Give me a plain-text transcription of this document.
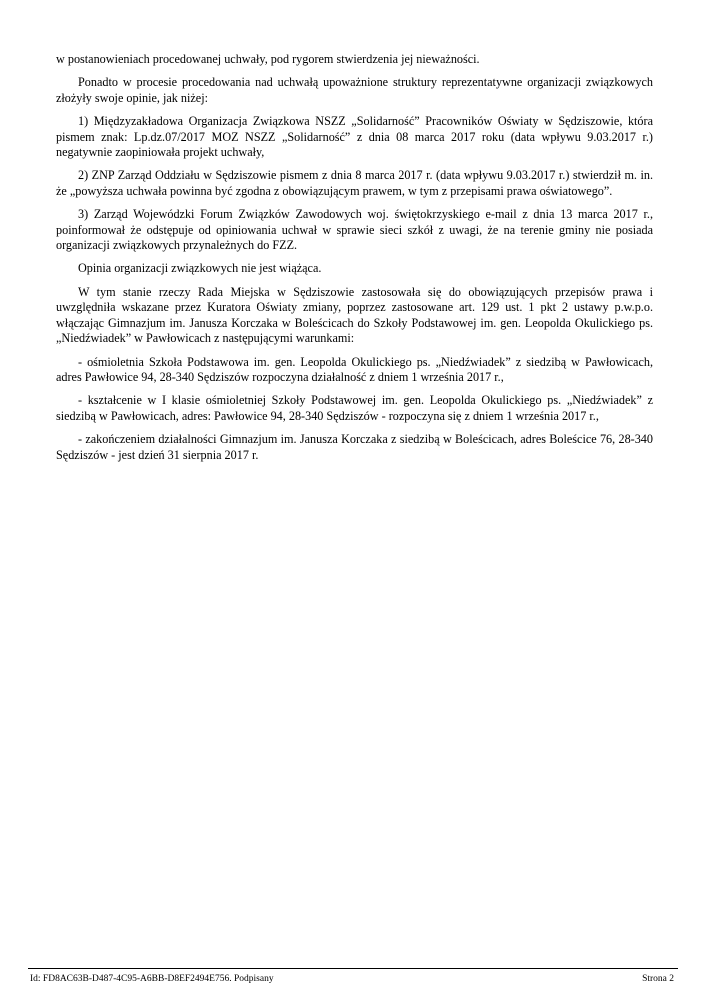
w postanowieniach procedowanej uchwały, pod rygorem stwierdzenia jej nieważności.

Ponadto w procesie procedowania nad uchwałą upoważnione struktury reprezentatywne organizacji związkowych złożyły swoje opinie, jak niżej:

1) Międzyzakładowa Organizacja Związkowa NSZZ „Solidarność” Pracowników Oświaty w Sędziszowie, która pismem znak: Lp.dz.07/2017 MOZ NSZZ „Solidarność” z dnia 08 marca 2017 roku (data wpływu 9.03.2017 r.) negatywnie zaopiniowała projekt uchwały,

2) ZNP Zarząd Oddziału w Sędziszowie pismem z dnia 8 marca 2017 r. (data wpływu 9.03.2017 r.) stwierdził m. in. że „powyższa uchwała powinna być zgodna z obowiązującym prawem, w tym z przepisami prawa oświatowego”.

3) Zarząd Wojewódzki Forum Związków Zawodowych woj. świętokrzyskiego e-mail z dnia 13 marca 2017 r., poinformował że odstępuje od opiniowania uchwał w sprawie sieci szkół z uwagi, że na terenie gminy nie posiada organizacji związkowych przynależnych do FZZ.

Opinia organizacji związkowych nie jest wiążąca.

W tym stanie rzeczy Rada Miejska w Sędziszowie zastosowała się do obowiązujących przepisów prawa i uwzględniła wskazane przez Kuratora Oświaty zmiany, poprzez zastosowane art. 129 ust. 1 pkt 2 ustawy p.w.p.o. włączając Gimnazjum im. Janusza Korczaka w Boleścicach do Szkoły Podstawowej im. gen. Leopolda Okulickiego ps. „Niedźwiadek” w Pawłowicach z następującymi warunkami:

- ośmioletnia Szkoła Podstawowa im. gen. Leopolda Okulickiego ps. „Niedźwiadek” z siedzibą w Pawłowicach, adres Pawłowice 94, 28-340 Sędziszów rozpoczyna działalność z dniem 1 września 2017 r.,

- kształcenie w I klasie ośmioletniej Szkoły Podstawowej im. gen. Leopolda Okulickiego ps. „Niedźwiadek” z siedzibą w Pawłowicach, adres: Pawłowice 94, 28-340 Sędziszów - rozpoczyna się z dniem 1 września 2017 r.,

- zakończeniem działalności Gimnazjum im. Janusza Korczaka z siedzibą w Boleścicach, adres Boleścice 76, 28-340 Sędziszów - jest dzień 31 sierpnia 2017 r.

Id: FD8AC63B-D487-4C95-A6BB-D8EF2494E756. Podpisany	Strona 2
